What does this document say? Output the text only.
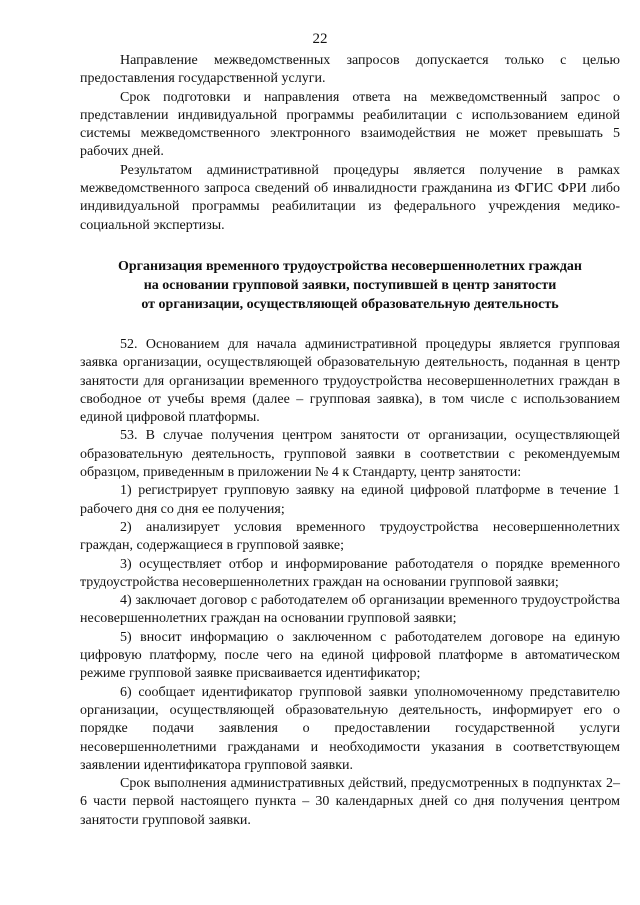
22

Направление межведомственных запросов допускается только с целью предоставления государственной услуги.

Срок подготовки и направления ответа на межведомственный запрос о представлении индивидуальной программы реабилитации с использованием единой системы межведомственного электронного взаимодействия не может превышать 5 рабочих дней.

Результатом административной процедуры является получение в рамках межведомственного запроса сведений об инвалидности гражданина из ФГИС ФРИ либо индивидуальной программы реабилитации из федерального учреждения медико-социальной экспертизы.

Организация временного трудоустройства несовершеннолетних граждан
на основании групповой заявки, поступившей в центр занятости
от организации, осуществляющей образовательную деятельность

52. Основанием для начала административной процедуры является групповая заявка организации, осуществляющей образовательную деятельность, поданная в центр занятости для организации временного трудоустройства несовершеннолетних граждан в свободное от учебы время (далее – групповая заявка), в том числе с использованием единой цифровой платформы.

53. В случае получения центром занятости от организации, осуществляющей образовательную деятельность, групповой заявки в соответствии с рекомендуемым образцом, приведенным в приложении № 4 к Стандарту, центр занятости:

1) регистрирует групповую заявку на единой цифровой платформе в течение 1 рабочего дня со дня ее получения;

2) анализирует условия временного трудоустройства несовершеннолетних граждан, содержащиеся в групповой заявке;

3) осуществляет отбор и информирование работодателя о порядке временного трудоустройства несовершеннолетних граждан на основании групповой заявки;

4) заключает договор с работодателем об организации временного трудоустройства несовершеннолетних граждан на основании групповой заявки;

5) вносит информацию о заключенном с работодателем договоре на единую цифровую платформу, после чего на единой цифровой платформе в автоматическом режиме групповой заявке присваивается идентификатор;

6) сообщает идентификатор групповой заявки уполномоченному представителю организации, осуществляющей образовательную деятельность, информирует его о порядке подачи заявления о предоставлении государственной услуги несовершеннолетними гражданами и необходимости указания в соответствующем заявлении идентификатора групповой заявки.

Срок выполнения административных действий, предусмотренных в подпунктах 2–6 части первой настоящего пункта – 30 календарных дней со дня получения центром занятости групповой заявки.
